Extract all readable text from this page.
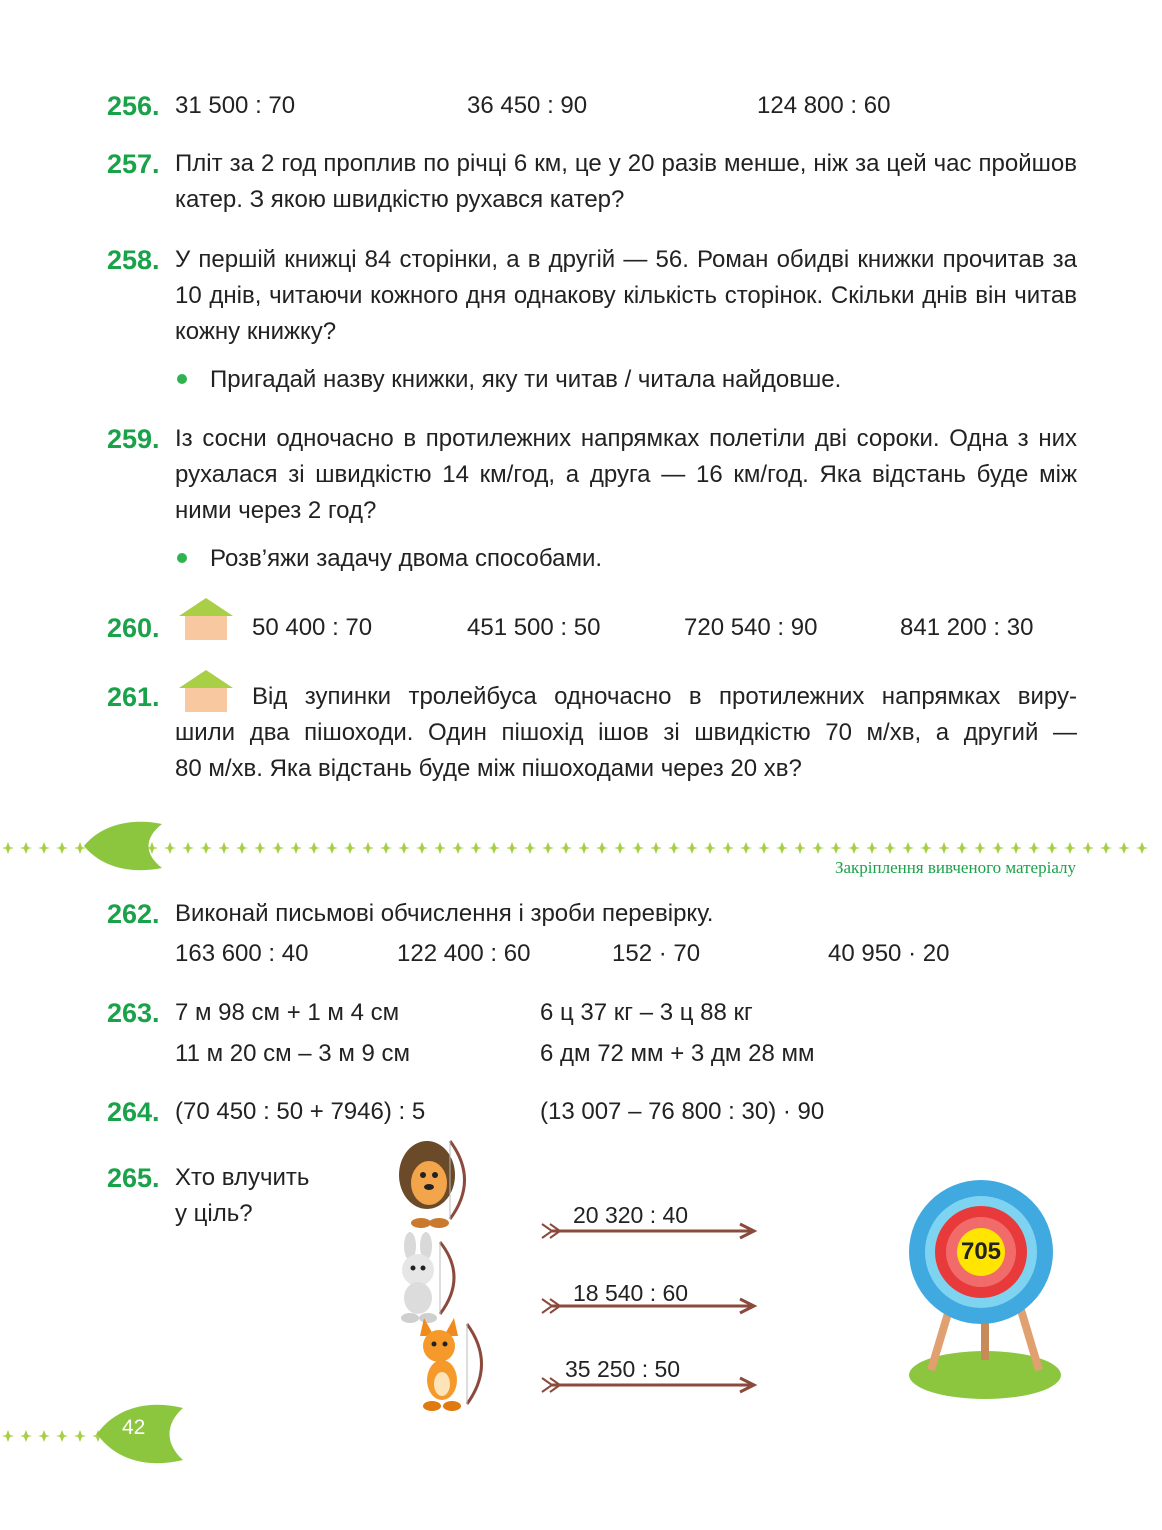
256. 31 500 : 70	36 450 : 90	124 800 : 60
257. Пліт за 2 год проплив по річці 6 км, це у 20 разів менше, ніж за цей час пройшов катер. З якою швидкістю рухався катер?
258. У першій книжці 84 сторінки, а в другій — 56. Роман обидві книжки прочитав за 10 днів, читаючи кожного дня однакову кількість сторінок. Скільки днів він читав кожну книжку?
Пригадай назву книжки, яку ти читав / читала найдовше.
259. Із сосни одночасно в протилежних напрямках полетіли дві сороки. Одна з них рухалася зі швидкістю 14 км/год, а друга — 16 км/год. Яка відстань буде між ними через 2 год?
Розв’яжи задачу двома способами.
260.	50 400 : 70	451 500 : 50	720 540 : 90	841 200 : 30
261.	Від зупинки тролейбуса одночасно в протилежних напрямках виру-
шили два пішоходи. Один пішохід ішов зі швидкістю 70 м/хв, а другий —
80 м/хв. Яка відстань буде між пішоходами через 20 хв?
Закріплення вивченого матеріалу
262. Виконай письмові обчислення і зроби перевірку.
163 600 : 40	122 400 : 60	152 · 70	40 950 · 20
263. 7 м 98 см + 1 м 4 см	6 ц 37 кг – 3 ц 88 кг
11 м 20 см – 3 м 9 см	6 дм 72 мм + 3 дм 28 мм
264. (70 450 : 50 + 7946) : 5	(13 007 – 76 800 : 30) · 90
265. Хто влучить
у ціль?	20 320 : 40
18 540 : 60
35 250 : 50
705
42
